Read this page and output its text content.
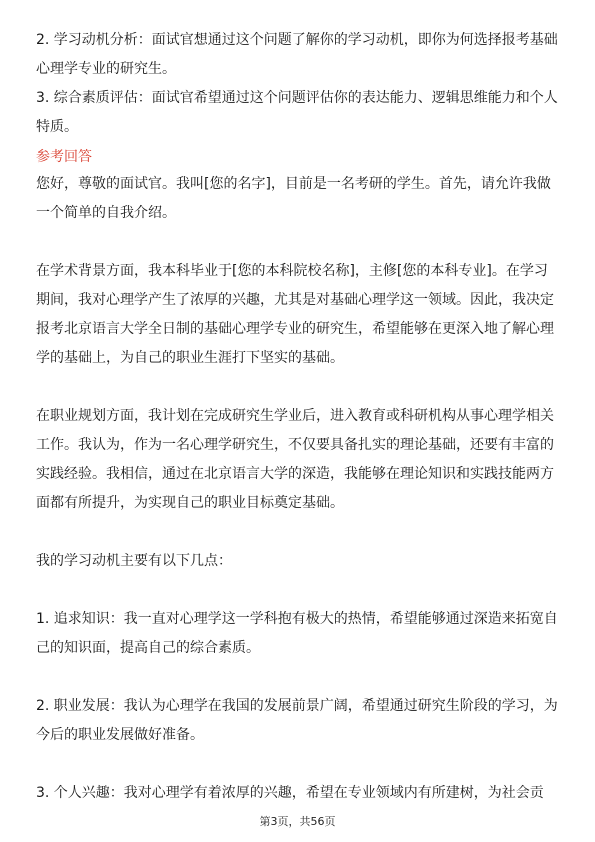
2. 学习动机分析：面试官想通过这个问题了解你的学习动机，即你为何选择报考基础心理学专业的研究生。

3. 综合素质评估：面试官希望通过这个问题评估你的表达能力、逻辑思维能力和个人特质。

参考回答

您好，尊敬的面试官。我叫[您的名字]，目前是一名考研的学生。首先，请允许我做一个简单的自我介绍。

在学术背景方面，我本科毕业于[您的本科院校名称]，主修[您的本科专业]。在学习期间，我对心理学产生了浓厚的兴趣，尤其是对基础心理学这一领域。因此，我决定报考北京语言大学全日制的基础心理学专业的研究生，希望能够在更深入地了解心理学的基础上，为自己的职业生涯打下坚实的基础。

在职业规划方面，我计划在完成研究生学业后，进入教育或科研机构从事心理学相关工作。我认为，作为一名心理学研究生，不仅要具备扎实的理论基础，还要有丰富的实践经验。我相信，通过在北京语言大学的深造，我能够在理论知识和实践技能两方面都有所提升，为实现自己的职业目标奠定基础。

我的学习动机主要有以下几点：

1. 追求知识：我一直对心理学这一学科抱有极大的热情，希望能够通过深造来拓宽自己的知识面，提高自己的综合素质。

2. 职业发展：我认为心理学在我国的发展前景广阔，希望通过研究生阶段的学习，为今后的职业发展做好准备。

3. 个人兴趣：我对心理学有着浓厚的兴趣，希望在专业领域内有所建树，为社会贡

第3页，共56页
